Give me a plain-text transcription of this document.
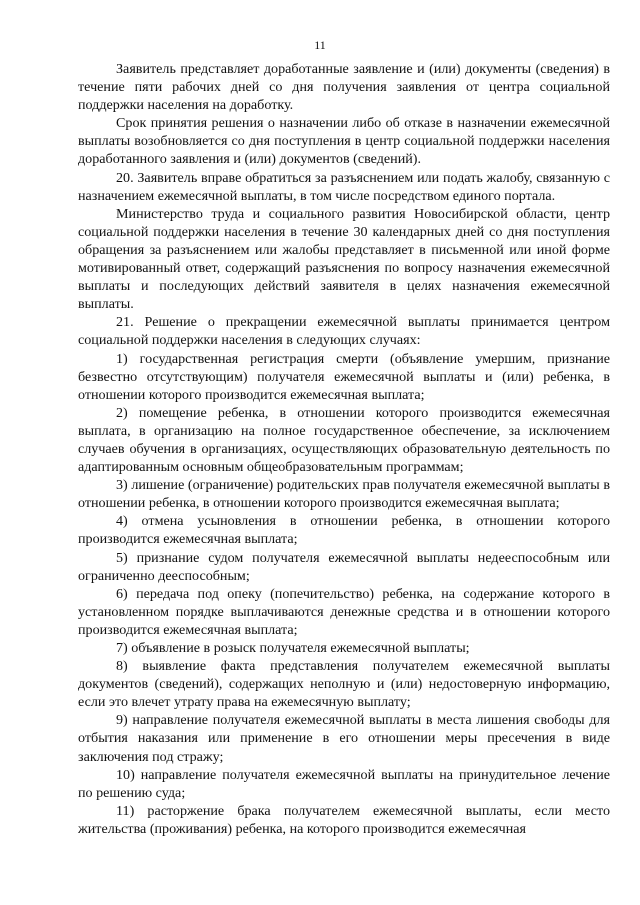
11

Заявитель представляет доработанные заявление и (или) документы (сведения) в течение пяти рабочих дней со дня получения заявления от центра социальной поддержки населения на доработку.

Срок принятия решения о назначении либо об отказе в назначении ежемесячной выплаты возобновляется со дня поступления в центр социальной поддержки населения доработанного заявления и (или) документов (сведений).

20. Заявитель вправе обратиться за разъяснением или подать жалобу, связанную с назначением ежемесячной выплаты, в том числе посредством единого портала.

Министерство труда и социального развития Новосибирской области, центр социальной поддержки населения в течение 30 календарных дней со дня поступления обращения за разъяснением или жалобы представляет в письменной или иной форме мотивированный ответ, содержащий разъяснения по вопросу назначения ежемесячной выплаты и последующих действий заявителя в целях назначения ежемесячной выплаты.

21. Решение о прекращении ежемесячной выплаты принимается центром социальной поддержки населения в следующих случаях:

1) государственная регистрация смерти (объявление умершим, признание безвестно отсутствующим) получателя ежемесячной выплаты и (или) ребенка, в отношении которого производится ежемесячная выплата;

2) помещение ребенка, в отношении которого производится ежемесячная выплата, в организацию на полное государственное обеспечение, за исключением случаев обучения в организациях, осуществляющих образовательную деятельность по адаптированным основным общеобразовательным программам;

3) лишение (ограничение) родительских прав получателя ежемесячной выплаты в отношении ребенка, в отношении которого производится ежемесячная выплата;

4) отмена усыновления в отношении ребенка, в отношении которого производится ежемесячная выплата;

5) признание судом получателя ежемесячной выплаты недееспособным или ограниченно дееспособным;

6) передача под опеку (попечительство) ребенка, на содержание которого в установленном порядке выплачиваются денежные средства и в отношении которого производится ежемесячная выплата;

7) объявление в розыск получателя ежемесячной выплаты;

8) выявление факта представления получателем ежемесячной выплаты документов (сведений), содержащих неполную и (или) недостоверную информацию, если это влечет утрату права на ежемесячную выплату;

9) направление получателя ежемесячной выплаты в места лишения свободы для отбытия наказания или применение в его отношении меры пресечения в виде заключения под стражу;

10) направление получателя ежемесячной выплаты на принудительное лечение по решению суда;

11) расторжение брака получателем ежемесячной выплаты, если место жительства (проживания) ребенка, на которого производится ежемесячная
